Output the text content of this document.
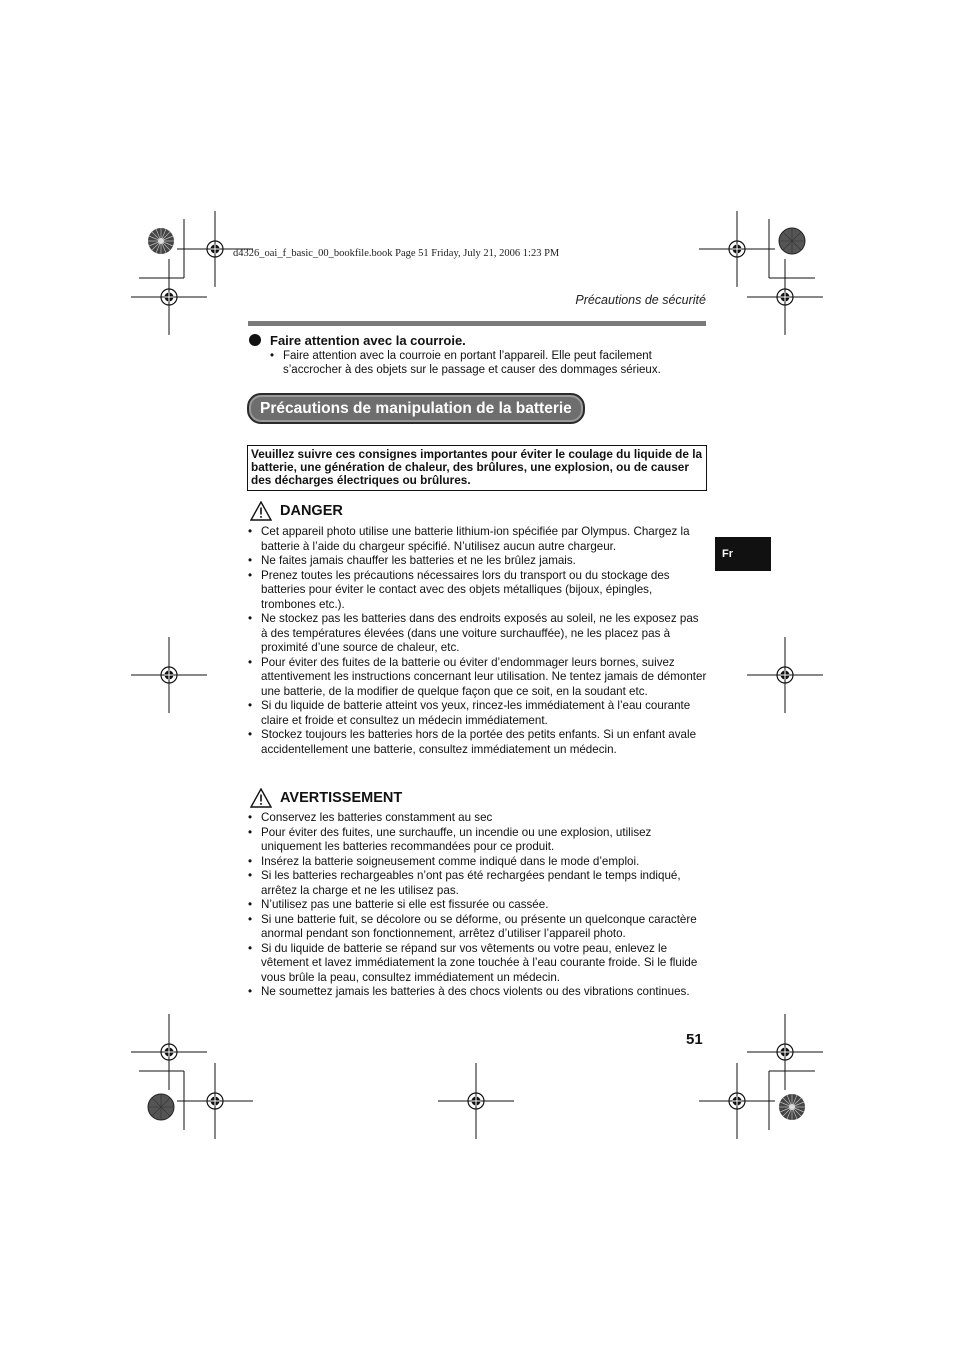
d4326_oai_f_basic_00_bookfile.book Page 51 Friday, July 21, 2006 1:23 PM
Précautions de sécurité
Faire attention avec la courroie.
• Faire attention avec la courroie en portant l’appareil. Elle peut facilement s’accrocher à des objets sur le passage et causer des dommages sérieux.
Précautions de manipulation de la batterie
Veuillez suivre ces consignes importantes pour éviter le coulage du liquide de la batterie, une génération de chaleur, des brûlures, une explosion, ou de causer des décharges électriques ou brûlures.
DANGER
• Cet appareil photo utilise une batterie lithium-ion spécifiée par Olympus. Chargez la batterie à l’aide du chargeur spécifié. N’utilisez aucun autre chargeur.
• Ne faites jamais chauffer les batteries et ne les brûlez jamais.
• Prenez toutes les précautions nécessaires lors du transport ou du stockage des batteries pour éviter le contact avec des objets métalliques (bijoux, épingles, trombones etc.).
• Ne stockez pas les batteries dans des endroits exposés au soleil, ne les exposez pas à des températures élevées (dans une voiture surchauffée), ne les placez pas à proximité d’une source de chaleur, etc.
• Pour éviter des fuites de la batterie ou éviter d’endommager leurs bornes, suivez attentivement les instructions concernant leur utilisation. Ne tentez jamais de démonter une batterie, de la modifier de quelque façon que ce soit, en la soudant etc.
• Si du liquide de batterie atteint vos yeux, rincez-les immédiatement à l’eau courante claire et froide et consultez un médecin immédiatement.
• Stockez toujours les batteries hors de la portée des petits enfants. Si un enfant avale accidentellement une batterie, consultez immédiatement un médecin.
AVERTISSEMENT
• Conservez les batteries constamment au sec
• Pour éviter des fuites, une surchauffe, un incendie ou une explosion, utilisez uniquement les batteries recommandées pour ce produit.
• Insérez la batterie soigneusement comme indiqué dans le mode d’emploi.
• Si les batteries rechargeables n’ont pas été rechargées pendant le temps indiqué, arrêtez la charge et ne les utilisez pas.
• N’utilisez pas une batterie si elle est fissurée ou cassée.
• Si une batterie fuit, se décolore ou se déforme, ou présente un quelconque caractère anormal pendant son fonctionnement, arrêtez d’utiliser l’appareil photo.
• Si du liquide de batterie se répand sur vos vêtements ou votre peau, enlevez le vêtement et lavez immédiatement la zone touchée à l’eau courante froide. Si le fluide vous brûle la peau, consultez immédiatement un médecin.
• Ne soumettez jamais les batteries à des chocs violents ou des vibrations continues.
Fr
51
